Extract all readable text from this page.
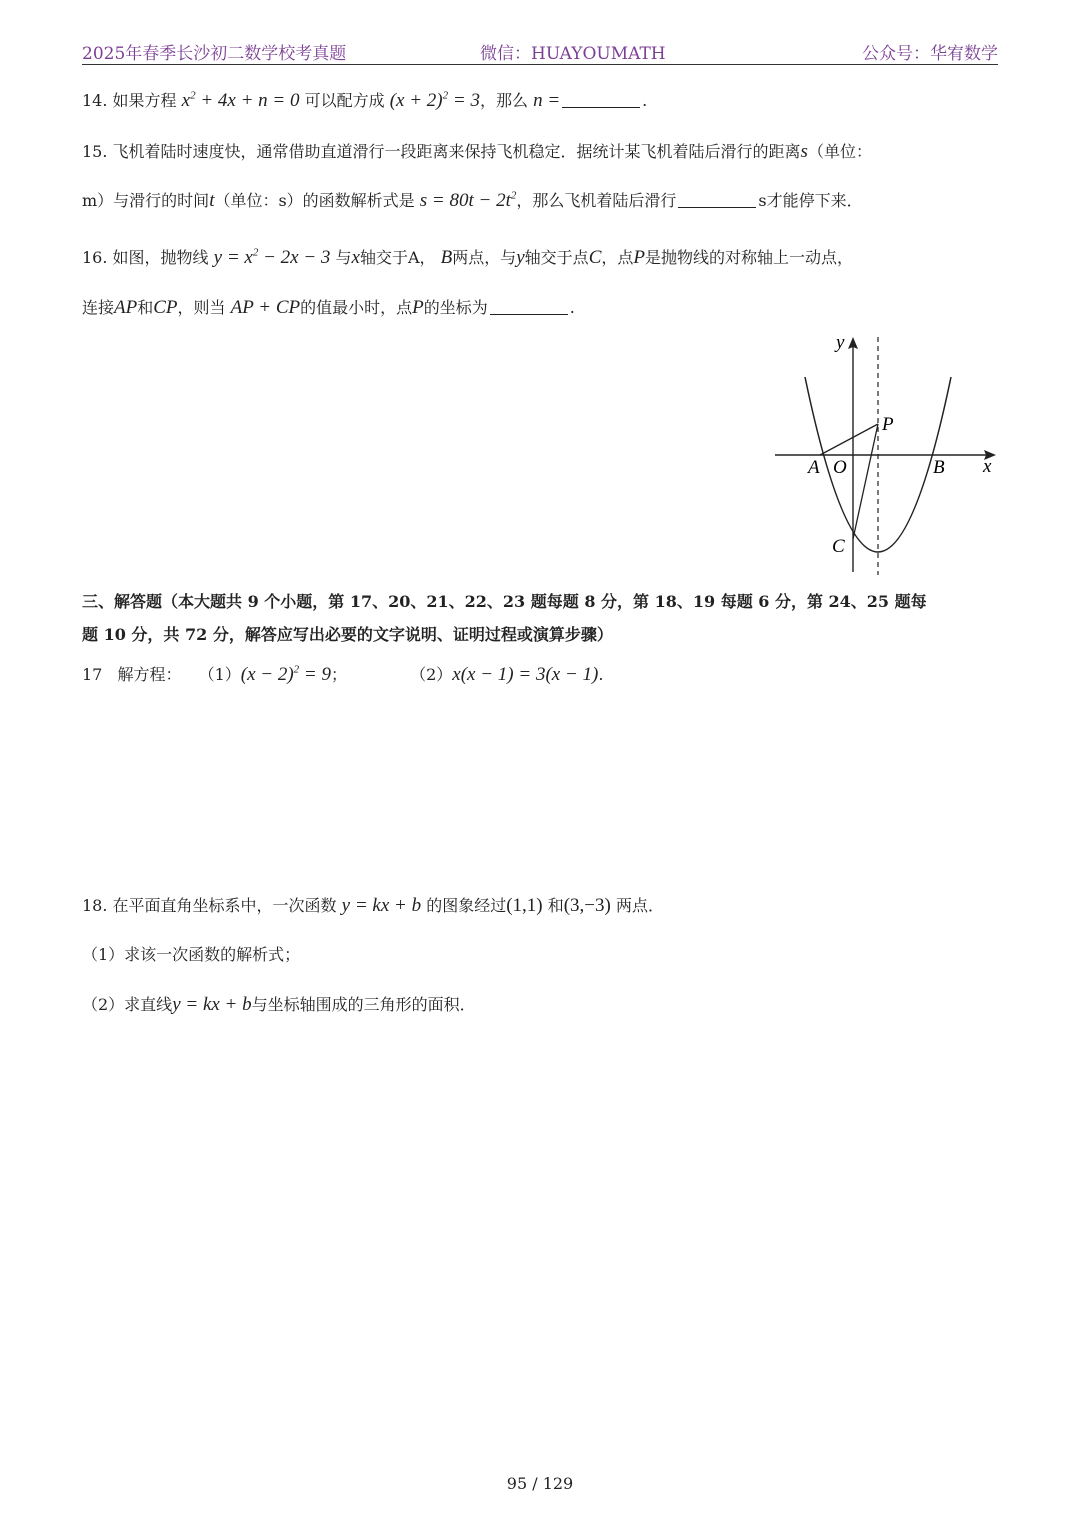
2025年春季长沙初二数学校考真题	微信：HUAYOUMATH	公众号：华宥数学
14. 如果方程 $x^2 + 4x + n = 0$ 可以配方成 $(x + 2)^2 = 3$，那么 n =	.
15. 飞机着陆时速度快，通常借助直道滑行一段距离来保持飞机稳定．据统计某飞机着陆后滑行的距离s（单位：
m）与滑行的时间t（单位：s）的函数解析式是 $s = 80t - 2t^2$，那么飞机着陆后滑行	s才能停下来．
16. 如图，抛物线 $y = x^2 - 2x - 3$ 与x轴交于A， B两点，与y轴交于点C，点P是抛物线的对称轴上一动点，
连接AP和CP，则当 AP + CP的值最小时，点P的坐标为	.
y
x
P
A O	B
C
三、解答题（本大题共 9 个小题，第 17、20、21、22、23 题每题 8 分，第 18、19 每题 6 分，第 24、25 题每
题 10 分，共 72 分，解答应写出必要的文字说明、证明过程或演算步骤）
17 解方程： $(1)(x - 2)^2 = 9$；	（2）x(x − 1) = 3(x − 1).
18. 在平面直角坐标系中，一次函数 y = kx + b 的图象经过(1,1) 和(3,−3) 两点．
（1）求该一次函数的解析式；
（2）求直线y = kx + b与坐标轴围成的三角形的面积．
95 / 129
